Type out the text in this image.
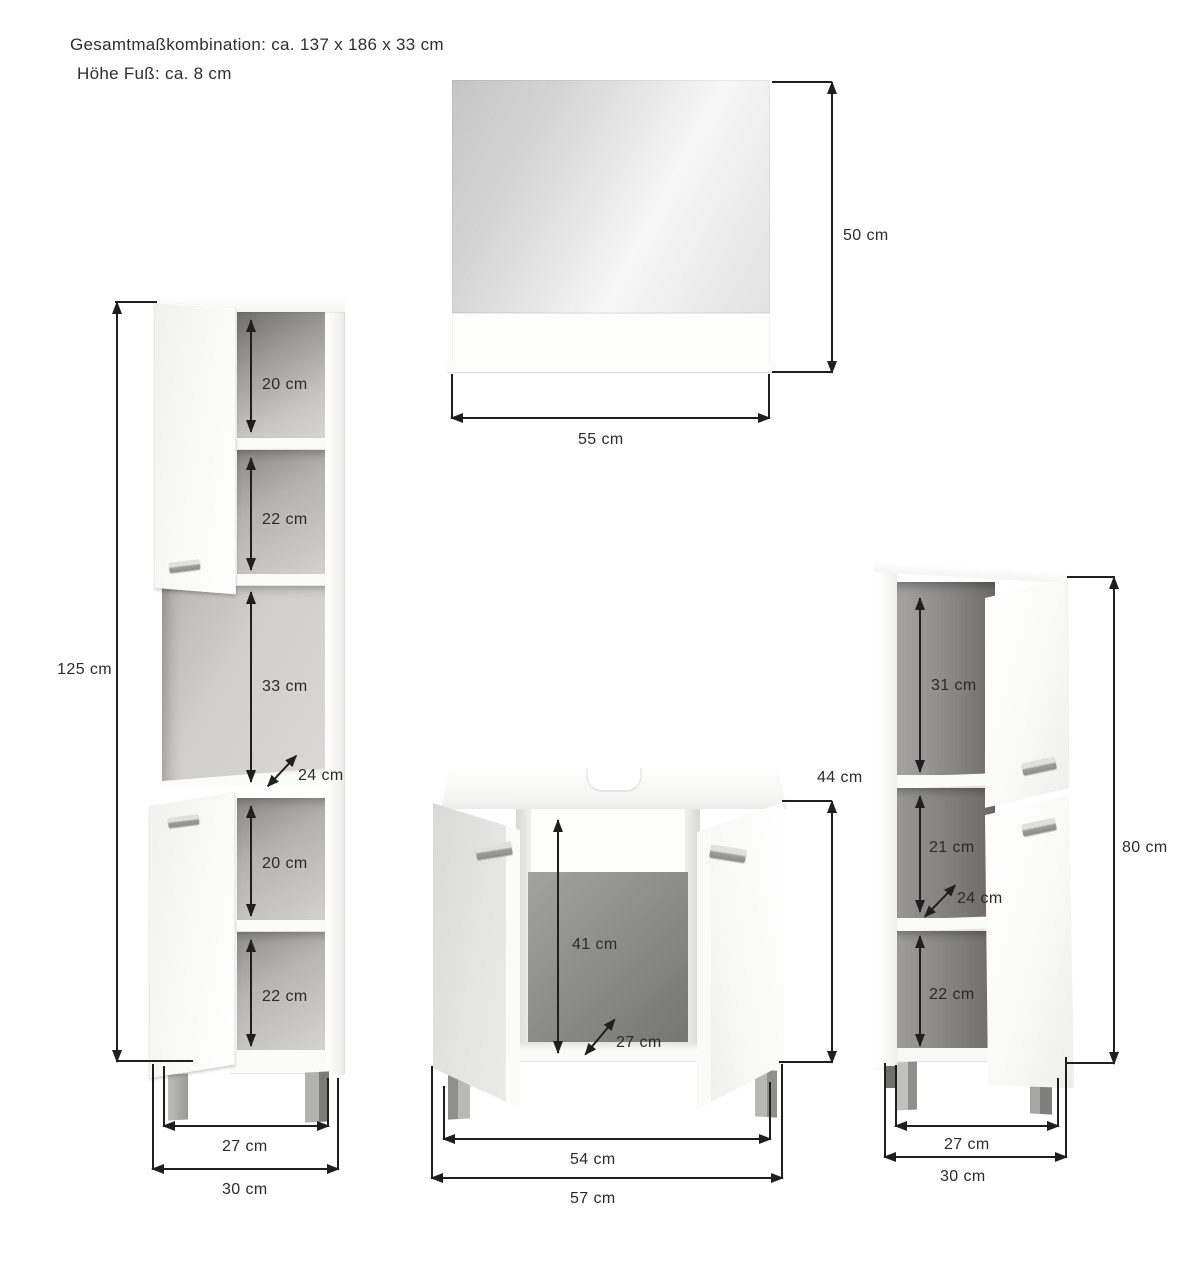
Gesamtmaßkombination: ca. 137 x 186 x 33 cm
Höhe Fuß: ca. 8 cm
50 cm
55 cm
125 cm
20 cm
22 cm
33 cm
24 cm
20 cm
22 cm
27 cm
30 cm
41 cm
27 cm
44 cm
54 cm
57 cm
31 cm
21 cm
24 cm
22 cm
80 cm
27 cm
30 cm
